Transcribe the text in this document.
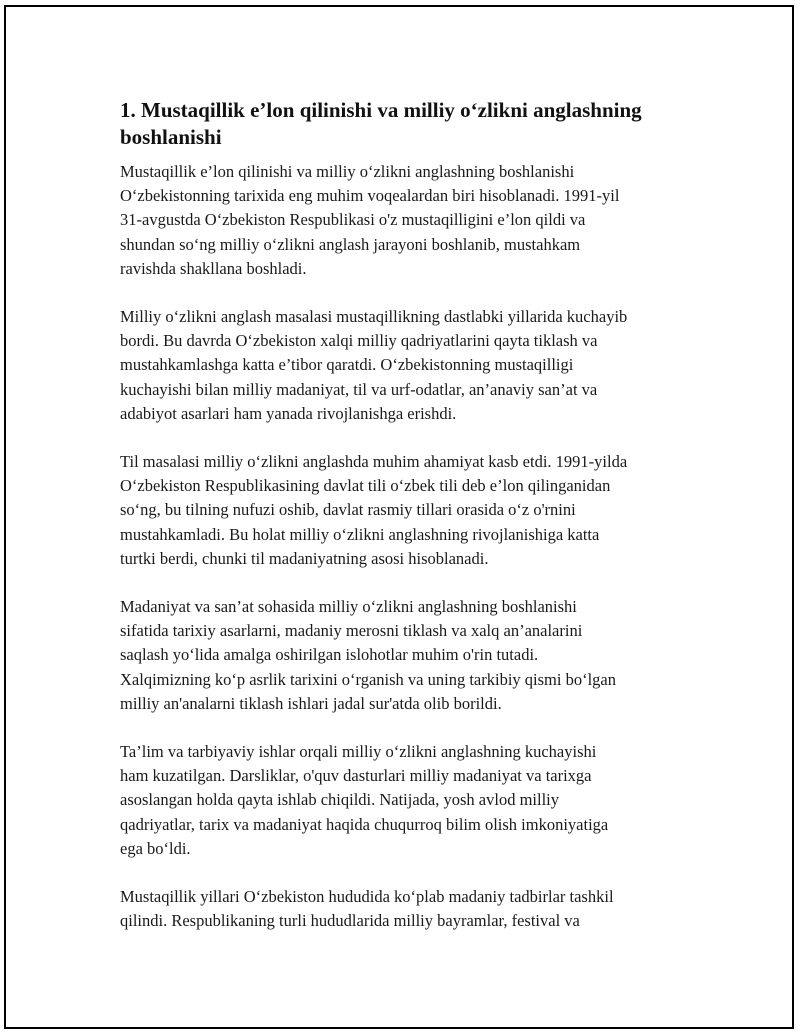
1. Mustaqillik e’lon qilinishi va milliy o‘zlikni anglashning boshlanishi

Mustaqillik e’lon qilinishi va milliy o‘zlikni anglashning boshlanishi
O‘zbekistonning tarixida eng muhim voqealardan biri hisoblanadi. 1991-yil
31-avgustda O‘zbekiston Respublikasi o'z mustaqilligini e’lon qildi va
shundan so‘ng milliy o‘zlikni anglash jarayoni boshlanib, mustahkam
ravishda shakllana boshladi.

Milliy o‘zlikni anglash masalasi mustaqillikning dastlabki yillarida kuchayib
bordi. Bu davrda O‘zbekiston xalqi milliy qadriyatlarini qayta tiklash va
mustahkamlashga katta e’tibor qaratdi. O‘zbekistonning mustaqilligi
kuchayishi bilan milliy madaniyat, til va urf-odatlar, an’anaviy san’at va
adabiyot asarlari ham yanada rivojlanishga erishdi.

Til masalasi milliy o‘zlikni anglashda muhim ahamiyat kasb etdi. 1991-yilda
O‘zbekiston Respublikasining davlat tili o‘zbek tili deb e’lon qilinganidan
so‘ng, bu tilning nufuzi oshib, davlat rasmiy tillari orasida o‘z o'rnini
mustahkamladi. Bu holat milliy o‘zlikni anglashning rivojlanishiga katta
turtki berdi, chunki til madaniyatning asosi hisoblanadi.

Madaniyat va san’at sohasida milliy o‘zlikni anglashning boshlanishi
sifatida tarixiy asarlarni, madaniy merosni tiklash va xalq an’analarini
saqlash yo‘lida amalga oshirilgan islohotlar muhim o'rin tutadi.
Xalqimizning ko‘p asrlik tarixini o‘rganish va uning tarkibiy qismi bo‘lgan
milliy an'analarni tiklash ishlari jadal sur'atda olib borildi.

Ta’lim va tarbiyaviy ishlar orqali milliy o‘zlikni anglashning kuchayishi
ham kuzatilgan. Darsliklar, o'quv dasturlari milliy madaniyat va tarixga
asoslangan holda qayta ishlab chiqildi. Natijada, yosh avlod milliy
qadriyatlar, tarix va madaniyat haqida chuqurroq bilim olish imkoniyatiga
ega bo‘ldi.

Mustaqillik yillari O‘zbekiston hududida ko‘plab madaniy tadbirlar tashkil
qilindi. Respublikaning turli hududlarida milliy bayramlar, festival va
